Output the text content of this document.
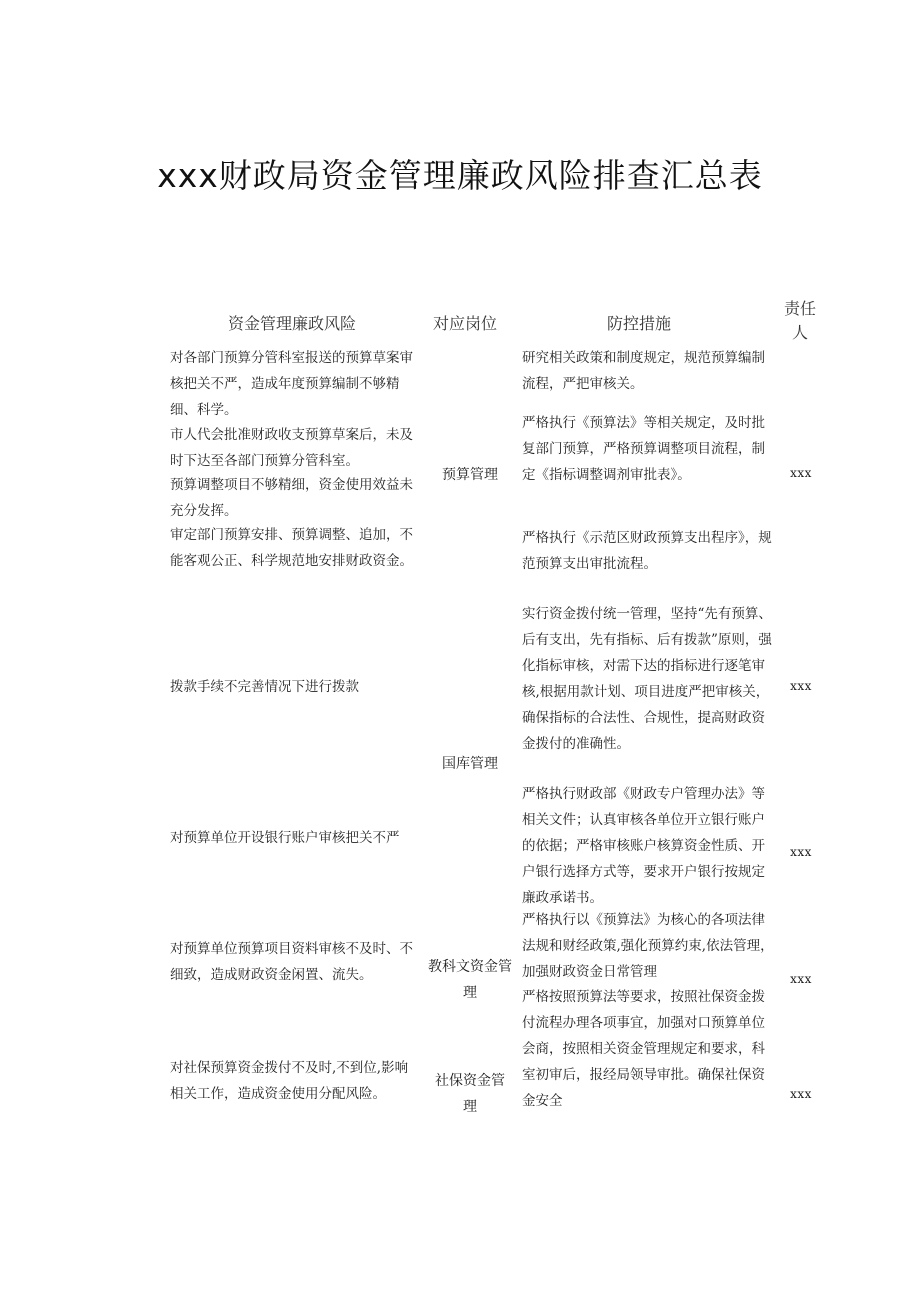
xxx财政局资金管理廉政风险排查汇总表
资金管理廉政风险	对应岗位	防控措施
责任
人
对各部门预算分管科室报送的预算草案审核把关不严，造成年度预算编制不够精细、科学。
市人代会批准财政收支预算草案后，未及时下达至各部门预算分管科室。
预算调整项目不够精细，资金使用效益未充分发挥。
审定部门预算安排、预算调整、追加，不能客观公正、科学规范地安排财政资金。
拨款手续不完善情况下进行拨款
对预算单位开设银行账户审核把关不严
对预算单位预算项目资料审核不及时、不细致，造成财政资金闲置、流失。
对社保预算资金拨付不及时,不到位,影响相关工作，造成资金使用分配风险。
预算管理
国库管理
教科文资金管理
社保资金管理
研究相关政策和制度规定，规范预算编制流程，严把审核关。
严格执行《预算法》等相关规定，及时批复部门预算，严格预算调整项目流程，制定《指标调整调剂审批表》。
严格执行《示范区财政预算支出程序》，规范预算支出审批流程。
实行资金拨付统一管理，坚持“先有预算、后有支出，先有指标、后有拨款”原则，强化指标审核，对需下达的指标进行逐笔审核,根据用款计划、项目进度严把审核关，确保指标的合法性、合规性，提高财政资金拨付的准确性。
严格执行财政部《财政专户管理办法》等相关文件；认真审核各单位开立银行账户的依据；严格审核账户核算资金性质、开户银行选择方式等，要求开户银行按规定廉政承诺书。
严格执行以《预算法》为核心的各项法律法规和财经政策,强化预算约束,依法管理，加强财政资金日常管理
严格按照预算法等要求，按照社保资金拨付流程办理各项事宜，加强对口预算单位会商，按照相关资金管理规定和要求，科室初审后，报经局领导审批。确保社保资金安全
xxx
xxx
xxx
xxx
xxx
